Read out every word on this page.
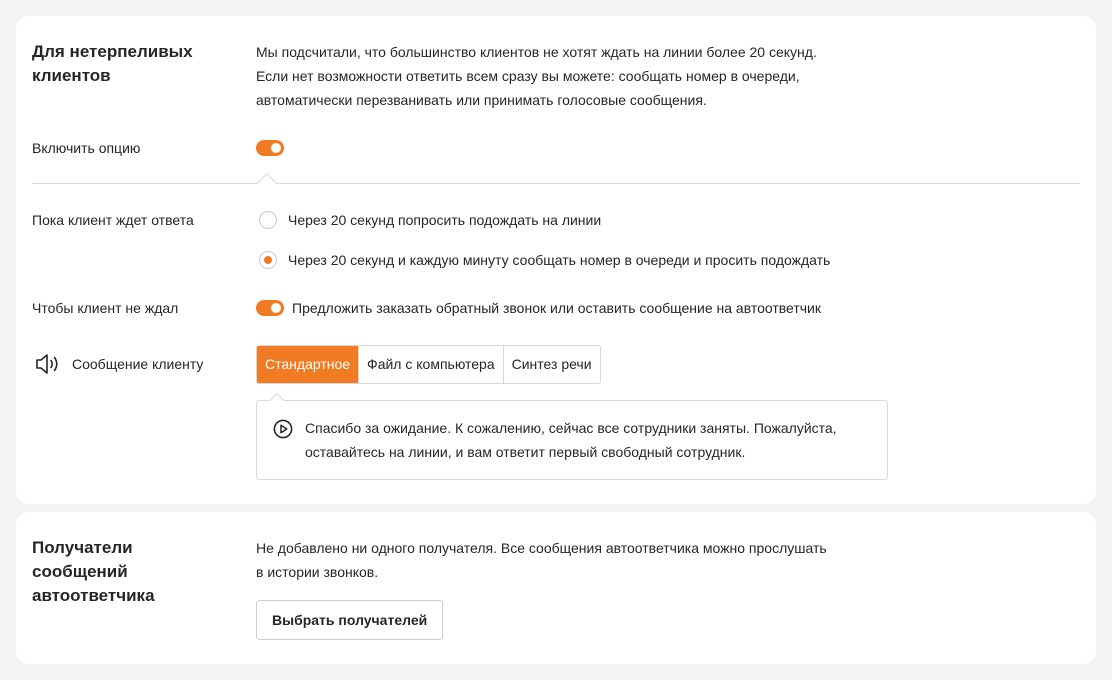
Для нетерпеливых клиентов
Мы подсчитали, что большинство клиентов не хотят ждать на линии более 20 секунд.
Если нет возможности ответить всем сразу вы можете: сообщать номер в очереди,
автоматически перезванивать или принимать голосовые сообщения.
Включить опцию
Пока клиент ждет ответа	Через 20 секунд попросить подождать на линии
Через 20 секунд и каждую минуту сообщать номер в очереди и просить подождать
Чтобы клиент не ждал	Предложить заказать обратный звонок или оставить сообщение на автоответчик
Сообщение клиенту	Стандартное	Файл с компьютера	Синтез речи
Спасибо за ожидание. К сожалению, сейчас все сотрудники заняты. Пожалуйста,
оставайтесь на линии, и вам ответит первый свободный сотрудник.
Получатели сообщений автоответчика
Не добавлено ни одного получателя. Все сообщения автоответчика можно прослушать
в истории звонков.
Выбрать получателей
